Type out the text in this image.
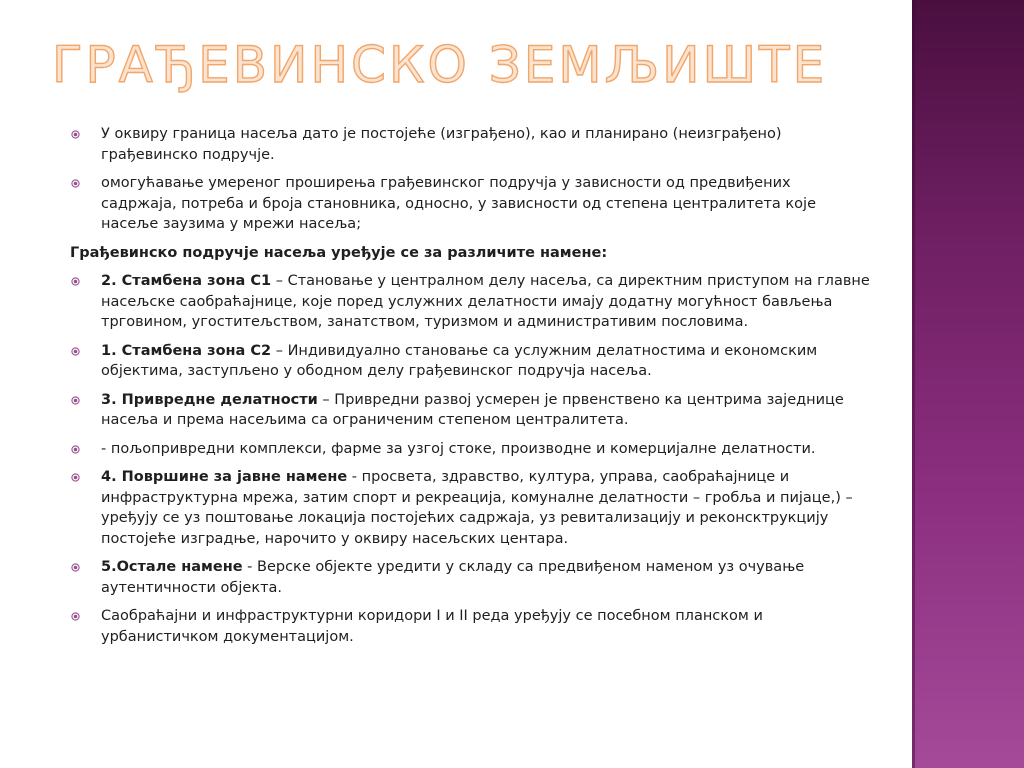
ГРАЂЕВИНСКО ЗЕМЉИШТЕ
У оквиру граница насеља дато је постојеће (изграђено), као и планирано (неизграђено) грађевинско подручје.
омогућавање умереног проширења грађевинског подручја у зависности од предвиђених садржаја, потреба и броја становника, односно, у зависности од степена централитета које насеље заузима у мрежи насеља;
Грађевинско подручје насеља уређује се за различите намене:
2. Стамбена зона С1 – Становање у централном делу насеља, са директним приступом на главне насељске саобраћајнице, које поред услужних делатности имају додатну могућност бављења трговином, угоститељством, занатством, туризмом и административим пословима.
1. Стамбена зона С2 – Индивидуално становање са услужним делатностима и економским објектима, заступљено у ободном делу грађевинског подручја насеља.
3. Привредне делатности – Привредни развој усмерен је првенствено ка центрима заједнице насеља и према насељима са ограниченим степеном централитета.
- пољопривредни комплекси, фарме за узгој стоке, производне и комерцијалне делатности.
4. Површине за јавне намене - просвета, здравство, култура, управа, саобраћајнице и инфраструктурна мрежа, затим спорт и рекреација, комуналне делатности – гробља и пијаце,) – уређују се уз поштовање локација постојећих садржаја, уз ревитализацију и реконсктрукцију постојеће изградње, нарочито у оквиру насељских центара.
5.Остале намене - Верске објекте уредити у складу са предвиђеном наменом уз очување аутентичности објекта.
Саобраћајни и инфраструктурни коридори I и II реда уређују се посебном планском и урбанистичком документацијом.
